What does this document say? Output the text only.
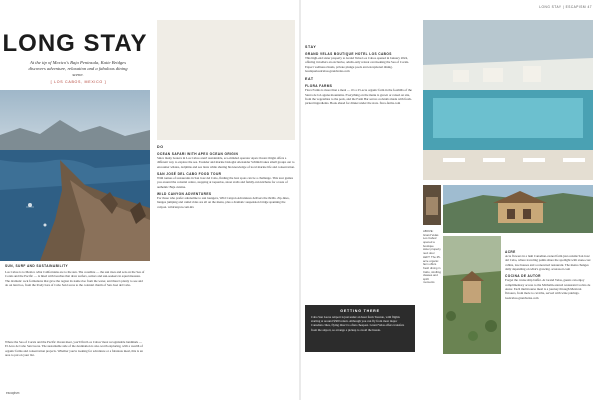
LONG STAY | ESCAPISM 47
LONG STAY
At the tip of Mexico's Baja Peninsula, Katie Bridges discovers adventure, relaxation and a fabulous dining scene.
[ LOS CABOS, MEXICO ]
SUN, SURF AND SUSTAINABILITY
Los Cabos is to Mexico what Californians are to the sun. The coastline — the sun rises and sets on the Sea of Cortés and the Pacific — is lined with beaches that draw surfers, sailors and sun-seekers in equal measure. The dramatic rock formations that gave the region its name rise from the water, and there's plenty to see and do on land too, from the lively bars of Cabo San Lucas to the colonial charm of San José del Cabo.
Where the Sea of Cortés and the Pacific Ocean meet, you'll find Los Cabos' most recognisable landmark — El Arco de Cabo San Lucas. The sustainable side of the destination is also worth exploring, with a wealth of organic farms and conservation projects. Whether you're looking for adventure or a fabulous meal, this is an area to put on your list.
DO
OCEAN SAFARI WITH APEX OCEAN ORIGIN
Since many boaters in Los Cabos aren't sustainable, eco-minded operator Apex Ocean Origin offers a different way to explore the sea. Founder and marine biologist Alexander Schmidt takes small groups out to encounter whales, dolphins and sea lions while sharing his knowledge of local marine life and conservation.
SAN JOSÉ DEL CABO FOOD TOUR
With tonnes of restaurants in San José del Cabo, finding the best spots can be a challenge. This tour guides you around the colonial centre, stopping at taquerías, street stalls and family-run kitchens for a taste of authentic Baja cuisine.
WILD CANYON ADVENTURES
For those who prefer adrenaline to sun loungers, Wild Canyon Adventures delivers the thrills. Zip-lines, bungee jumping and camel rides are all on the menu, plus a dramatic suspension bridge spanning the canyon. wildcanyon.com.mx
STAY
GRAND VELAS BOUTIQUE HOTEL LOS CABOS
This high-end sister property to Grand Velas Los Cabos opened in January 2024, offering travellers an exclusive, adults-only retreat overlooking the Sea of Cortés. Expect wellness rituals, private plunge pools and exceptional dining. boutiquelosdcabos.grandvelas.com
EAT
FLORA FARMS
Flora Farms is more than a meal — it's a 25-acre organic farm in the foothills of the Sierra de la Laguna mountains. Everything on the menu is grown or raised on site, from the vegetables to the pork, and the Farm Bar serves cocktails made with fresh-picked ingredients. Book ahead for dinner under the stars. flora-farms.com
GETTING THERE
Cabo San Lucas Airport is just under an hour from Toronto, with flights starting at around $500 return. Although you can fly from most major Canadian cities, flying direct is often cheapest. Grand Velas offers transfers from the airport, so arrange a pickup to avoid the hassle.
ABOVE: Grand Velas Los Cabos' opened a boutique sister property next door
LEFT: The 25-acre organic farm offers fresh dining in Cabo, strolling classes and spirit moments
ACRE
Acre flowers in a lush Canadian-owned farm just outside San José del Cabo, where traveling palms share the spotlight with stone-cast cabins, tree houses and a renowned restaurant. The menu changes daily depending on what's growing. acreresort.com
COCINA DE AUTOR
Forget the cruise ship buffet. At Grand Velas, guests can enjoy complimentary access to the Michelin-starred restaurant Cocina de Autor. Each multicourse meal is a journey through Mexican flavours, from mole to ceviche, served with wine pairings. losdcabos.grandvelas.com
escapism
